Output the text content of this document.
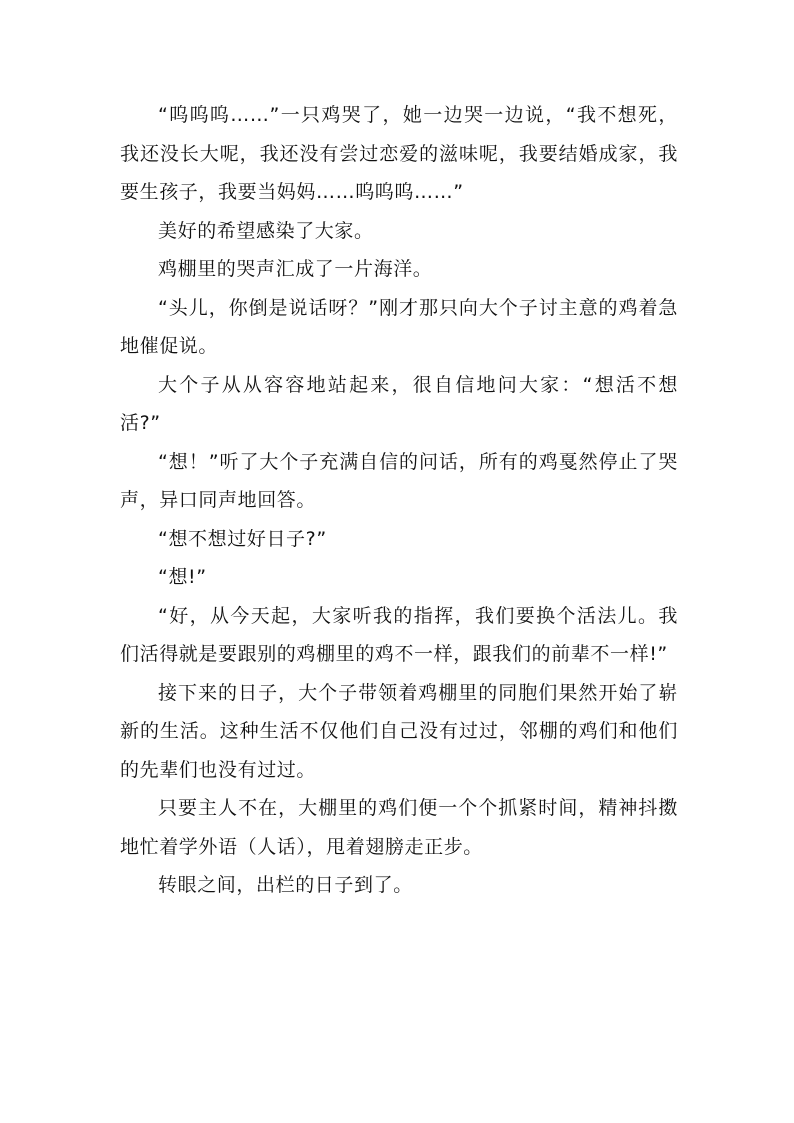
“呜呜呜……”一只鸡哭了，她一边哭一边说，“我不想死，我还没长大呢，我还没有尝过恋爱的滋味呢，我要结婚成家，我要生孩子，我要当妈妈……呜呜呜……”

美好的希望感染了大家。

鸡棚里的哭声汇成了一片海洋。

“头儿，你倒是说话呀？”刚才那只向大个子讨主意的鸡着急地催促说。

大个子从从容容地站起来，很自信地问大家：“想活不想活?”

“想！”听了大个子充满自信的问话，所有的鸡戛然停止了哭声，异口同声地回答。

“想不想过好日子?”

“想!”

“好，从今天起，大家听我的指挥，我们要换个活法儿。我们活得就是要跟别的鸡棚里的鸡不一样，跟我们的前辈不一样!”

接下来的日子，大个子带领着鸡棚里的同胞们果然开始了崭新的生活。这种生活不仅他们自己没有过过，邻棚的鸡们和他们的先辈们也没有过过。

只要主人不在，大棚里的鸡们便一个个抓紧时间，精神抖擞地忙着学外语（人话），甩着翅膀走正步。

转眼之间，出栏的日子到了。
